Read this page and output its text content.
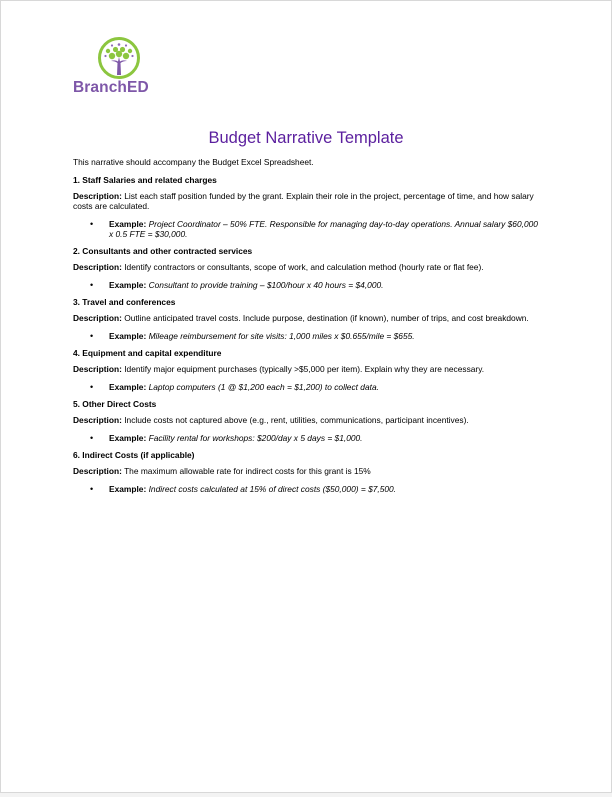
BranchED
Budget Narrative Template
This narrative should accompany the Budget Excel Spreadsheet.
1. Staff Salaries and related charges
Description: List each staff position funded by the grant. Explain their role in the project, percentage of time, and how salary costs are calculated.
• Example: Project Coordinator – 50% FTE. Responsible for managing day-to-day operations. Annual salary $60,000 x 0.5 FTE = $30,000.
2. Consultants and other contracted services
Description: Identify contractors or consultants, scope of work, and calculation method (hourly rate or flat fee).
• Example: Consultant to provide training – $100/hour x 40 hours = $4,000.
3. Travel and conferences
Description: Outline anticipated travel costs. Include purpose, destination (if known), number of trips, and cost breakdown.
• Example: Mileage reimbursement for site visits: 1,000 miles x $0.655/mile = $655.
4. Equipment and capital expenditure
Description: Identify major equipment purchases (typically >$5,000 per item). Explain why they are necessary.
• Example: Laptop computers (1 @ $1,200 each = $1,200) to collect data.
5. Other Direct Costs
Description: Include costs not captured above (e.g., rent, utilities, communications, participant incentives).
• Example: Facility rental for workshops: $200/day x 5 days = $1,000.
6. Indirect Costs (if applicable)
Description: The maximum allowable rate for indirect costs for this grant is 15%
• Example: Indirect costs calculated at 15% of direct costs ($50,000) = $7,500.
